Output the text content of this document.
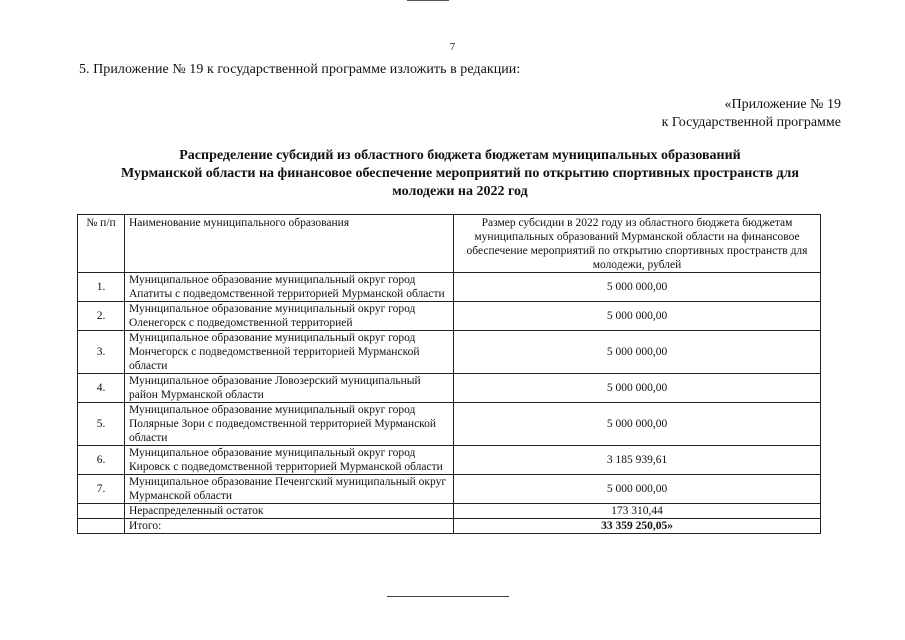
7
5. Приложение № 19 к государственной программе изложить в редакции:
«Приложение № 19
к Государственной программе
Распределение субсидий из областного бюджета бюджетам муниципальных образований
Мурманской области на финансовое обеспечение мероприятий по открытию спортивных пространств для
молодежи на 2022 год
№ п/п	Наименование муниципального образования	Размер субсидии в 2022 году из областного бюджета бюджетам муниципальных образований Мурманской области на финансовое обеспечение мероприятий по открытию спортивных пространств для молодежи, рублей
1.	Муниципальное образование муниципальный округ город Апатиты с подведомственной территорией Мурманской области	5 000 000,00
2.	Муниципальное образование муниципальный округ город Оленегорск с подведомственной территорией	5 000 000,00
3.	Муниципальное образование муниципальный округ город Мончегорск с подведомственной территорией Мурманской области	5 000 000,00
4.	Муниципальное образование Ловозерский муниципальный район Мурманской области	5 000 000,00
5.	Муниципальное образование муниципальный округ город Полярные Зори с подведомственной территорией Мурманской области	5 000 000,00
6.	Муниципальное образование муниципальный округ город Кировск с подведомственной территорией Мурманской области	3 185 939,61
7.	Муниципальное образование Печенгский муниципальный округ Мурманской области	5 000 000,00
	Нераспределенный остаток	173 310,44
	Итого:	33 359 250,05»
